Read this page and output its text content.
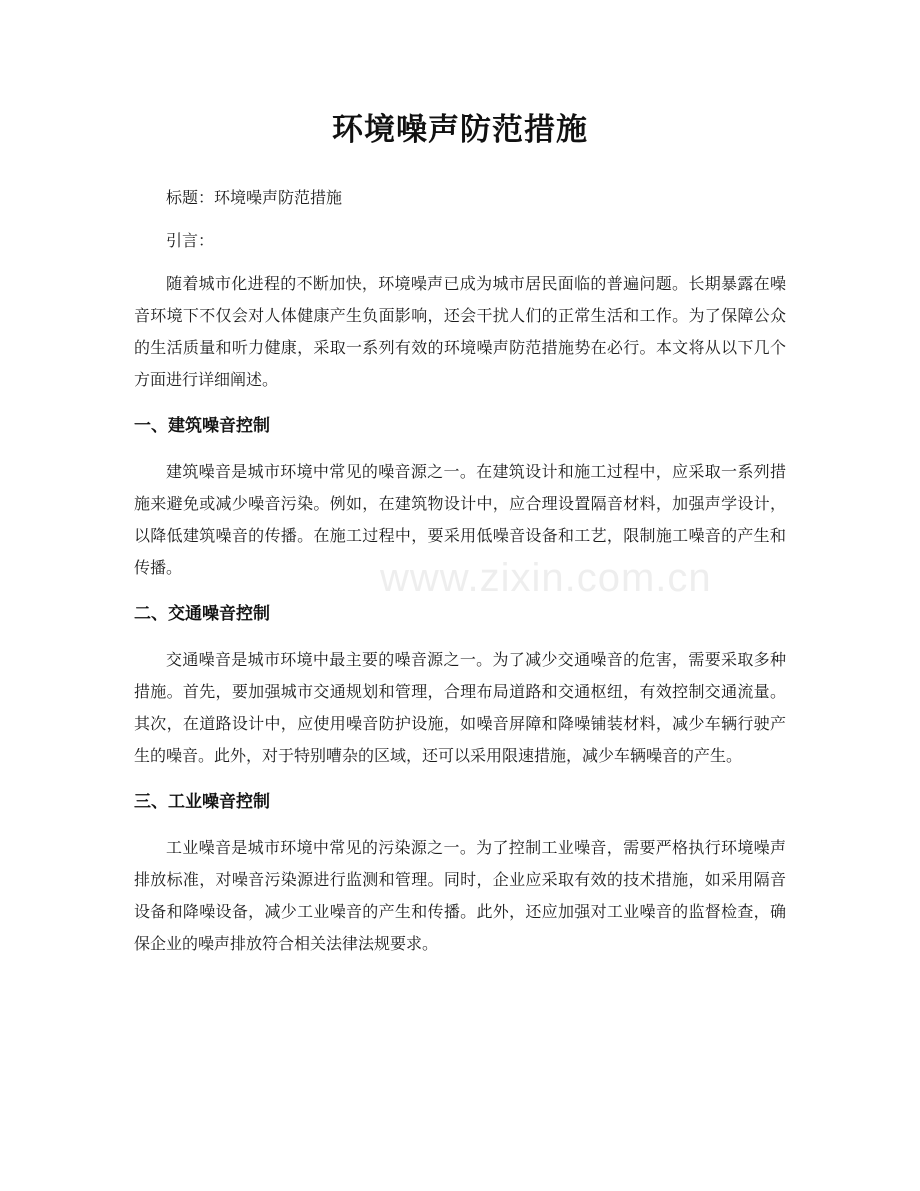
环境噪声防范措施

标题：环境噪声防范措施

引言：

随着城市化进程的不断加快，环境噪声已成为城市居民面临的普遍问题。长期暴露在噪音环境下不仅会对人体健康产生负面影响，还会干扰人们的正常生活和工作。为了保障公众的生活质量和听力健康，采取一系列有效的环境噪声防范措施势在必行。本文将从以下几个方面进行详细阐述。

一、建筑噪音控制

建筑噪音是城市环境中常见的噪音源之一。在建筑设计和施工过程中，应采取一系列措施来避免或减少噪音污染。例如，在建筑物设计中，应合理设置隔音材料，加强声学设计，以降低建筑噪音的传播。在施工过程中，要采用低噪音设备和工艺，限制施工噪音的产生和传播。

二、交通噪音控制

交通噪音是城市环境中最主要的噪音源之一。为了减少交通噪音的危害，需要采取多种措施。首先，要加强城市交通规划和管理，合理布局道路和交通枢纽，有效控制交通流量。其次，在道路设计中，应使用噪音防护设施，如噪音屏障和降噪铺装材料，减少车辆行驶产生的噪音。此外，对于特别嘈杂的区域，还可以采用限速措施，减少车辆噪音的产生。

三、工业噪音控制

工业噪音是城市环境中常见的污染源之一。为了控制工业噪音，需要严格执行环境噪声排放标准，对噪音污染源进行监测和管理。同时，企业应采取有效的技术措施，如采用隔音设备和降噪设备，减少工业噪音的产生和传播。此外，还应加强对工业噪音的监督检查，确保企业的噪声排放符合相关法律法规要求。

www.zixin.com.cn
